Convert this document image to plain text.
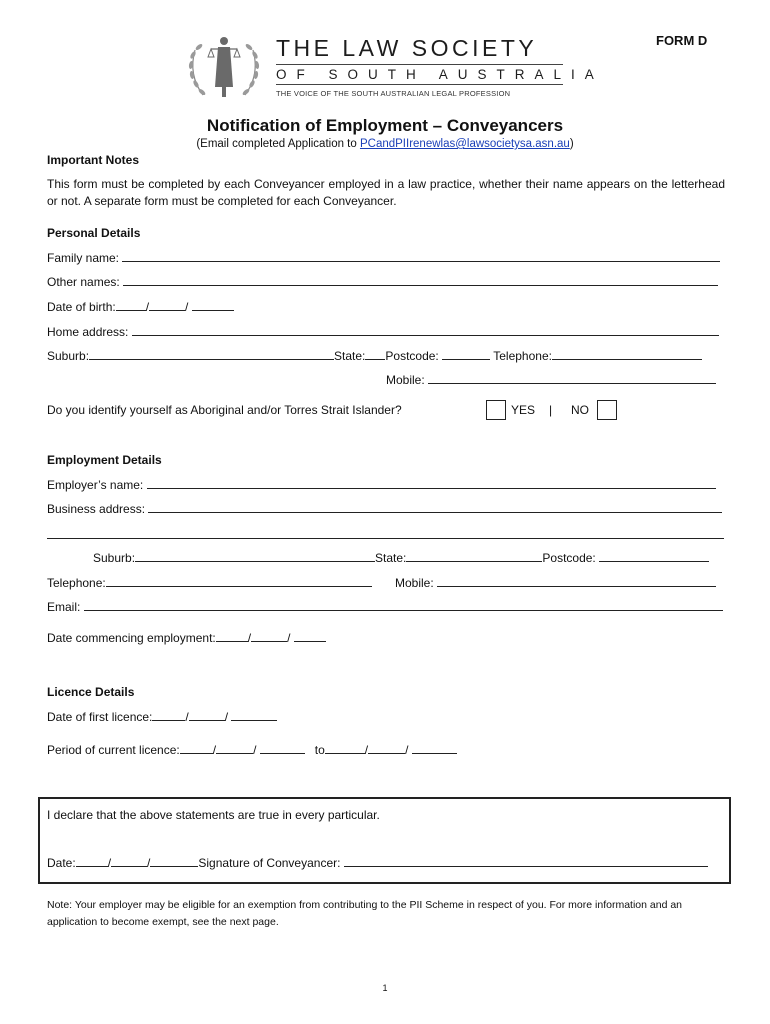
FORM D
THE LAW SOCIETY
OF SOUTH AUSTRALIA
THE VOICE OF THE SOUTH AUSTRALIAN LEGAL PROFESSION
Notification of Employment – Conveyancers
(Email completed Application to PCandPIIrenewlas@lawsocietysa.asn.au)
Important Notes
This form must be completed by each Conveyancer employed in a law practice, whether their name appears on the letterhead or not. A separate form must be completed for each Conveyancer.
Personal Details
Family name:
Other names:
Date of birth:	/	/
Home address:
Suburb:	State: Postcode:	Telephone:
Mobile:
Do you identify yourself as Aboriginal and/or Torres Strait Islander?	YES | NO
Employment Details
Employer’s name:
Business address:
Suburb:	State:	Postcode:
Telephone:	Mobile:
Email:
Date commencing employment:	/	/
Licence Details
Date of first licence:	/	/
Period of current licence:	/	/	to	/	/
I declare that the above statements are true in every particular.
Date:	/	/	Signature of Conveyancer:
Note: Your employer may be eligible for an exemption from contributing to the PII Scheme in respect of you. For more information and an application to become exempt, see the next page.
1
